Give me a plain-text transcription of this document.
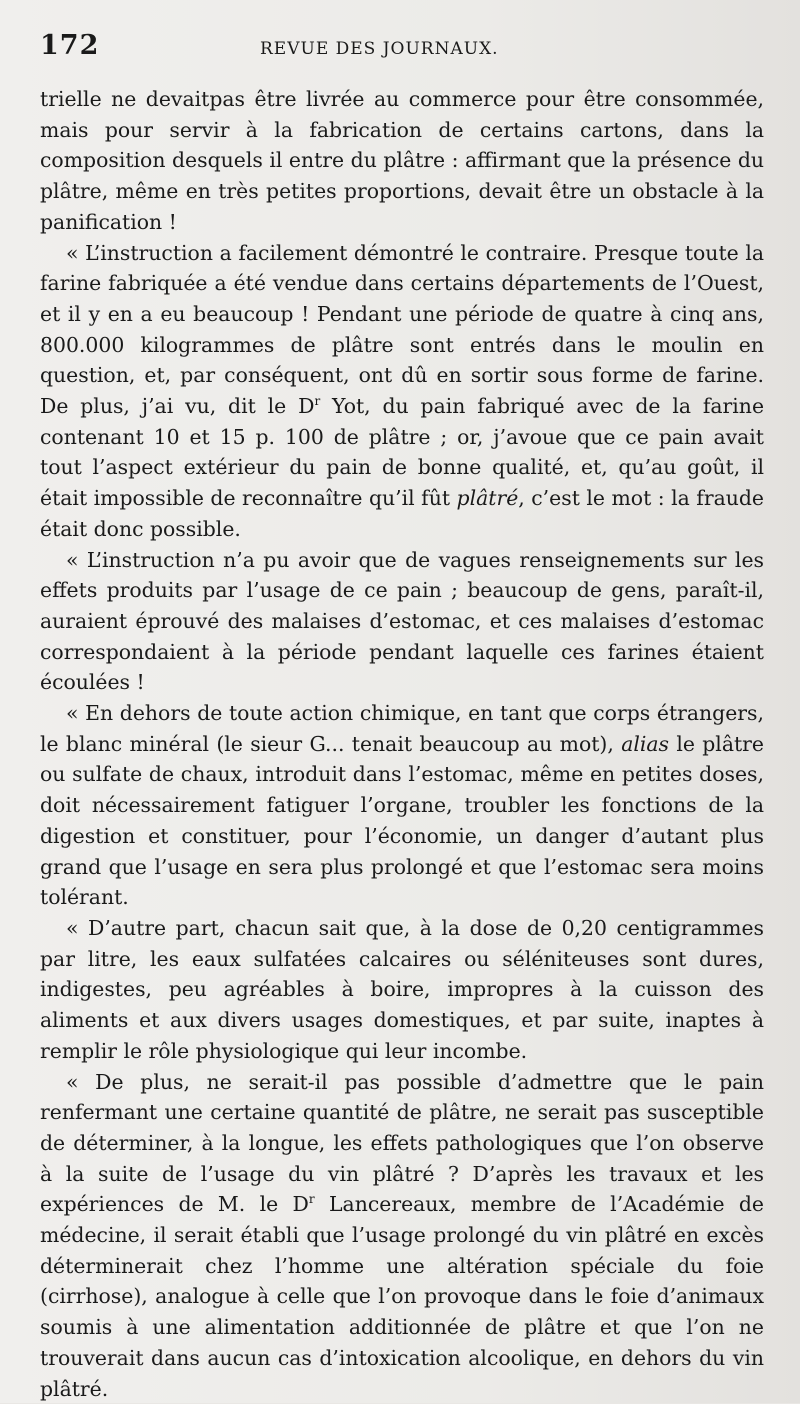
172	REVUE DES JOURNAUX.

trielle ne devaitpas être livrée au commerce pour être consommée, mais pour servir à la fabrication de certains cartons, dans la composition desquels il entre du plâtre : affirmant que la présence du plâtre, même en très petites proportions, devait être un obstacle à la panification !

« L’instruction a facilement démontré le contraire. Presque toute la farine fabriquée a été vendue dans certains départements de l’Ouest, et il y en a eu beaucoup ! Pendant une période de quatre à cinq ans, 800.000 kilogrammes de plâtre sont entrés dans le moulin en question, et, par conséquent, ont dû en sortir sous forme de farine. De plus, j’ai vu, dit le $D^r$ Yot, du pain fabriqué avec de la farine contenant 10 et 15 p. 100 de plâtre ; or, j’avoue que ce pain avait tout l’aspect extérieur du pain de bonne qualité, et, qu’au goût, il était impossible de reconnaître qu’il fût plâtré, c’est le mot : la fraude était donc possible.

« L’instruction n’a pu avoir que de vagues renseignements sur les effets produits par l’usage de ce pain ; beaucoup de gens, paraît-il, auraient éprouvé des malaises d’estomac, et ces malaises d’estomac correspondaient à la période pendant laquelle ces farines étaient écoulées !

« En dehors de toute action chimique, en tant que corps étrangers, le blanc minéral (le sieur G... tenait beaucoup au mot), alias le plâtre ou sulfate de chaux, introduit dans l’estomac, même en petites doses, doit nécessairement fatiguer l’organe, troubler les fonctions de la digestion et constituer, pour l’économie, un danger d’autant plus grand que l’usage en sera plus prolongé et que l’estomac sera moins tolérant.

« D’autre part, chacun sait que, à la dose de 0,20 centigrammes par litre, les eaux sulfatées calcaires ou séléniteuses sont dures, indigestes, peu agréables à boire, impropres à la cuisson des aliments et aux divers usages domestiques, et par suite, inaptes à remplir le rôle physiologique qui leur incombe.

« De plus, ne serait-il pas possible d’admettre que le pain renfermant une certaine quantité de plâtre, ne serait pas susceptible de déterminer, à la longue, les effets pathologiques que l’on observe à la suite de l’usage du vin plâtré ? D’après les travaux et les expériences de M. le $D^r$ Lancereaux, membre de l’Académie de médecine, il serait établi que l’usage prolongé du vin plâtré en excès déterminerait chez l’homme une altération spéciale du foie (cirrhose), analogue à celle que l’on provoque dans le foie d’animaux soumis à une alimentation additionnée de plâtre et que l’on ne trouverait dans aucun cas d’intoxication alcoolique, en dehors du vin plâtré.
